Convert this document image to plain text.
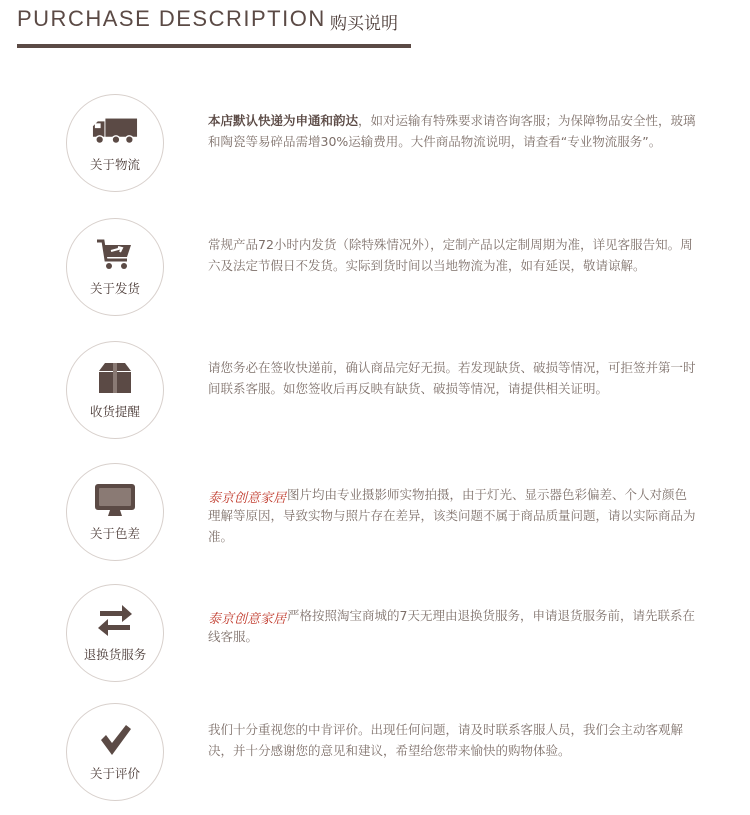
PURCHASE DESCRIPTION 购买说明
关于物流
本店默认快递为申通和韵达，如对运输有特殊要求请咨询客服；为保障物品安全性，玻璃和陶瓷等易碎品需增30%运输费用。大件商品物流说明，请查看“专业物流服务”。
关于发货
常规产品72小时内发货（除特殊情况外），定制产品以定制周期为准，详见客服告知。周六及法定节假日不发货。实际到货时间以当地物流为准，如有延误，敬请谅解。
收货提醒
请您务必在签收快递前，确认商品完好无损。若发现缺货、破损等情况，可拒签并第一时间联系客服。如您签收后再反映有缺货、破损等情况，请提供相关证明。
关于色差
泰京创意家居图片均由专业摄影师实物拍摄，由于灯光、显示器色彩偏差、个人对颜色理解等原因，导致实物与照片存在差异，该类问题不属于商品质量问题，请以实际商品为准。
退换货服务
泰京创意家居严格按照淘宝商城的7天无理由退换货服务，申请退货服务前，请先联系在线客服。
关于评价
我们十分重视您的中肯评价。出现任何问题，请及时联系客服人员，我们会主动客观解决，并十分感谢您的意见和建议，希望给您带来愉快的购物体验。
